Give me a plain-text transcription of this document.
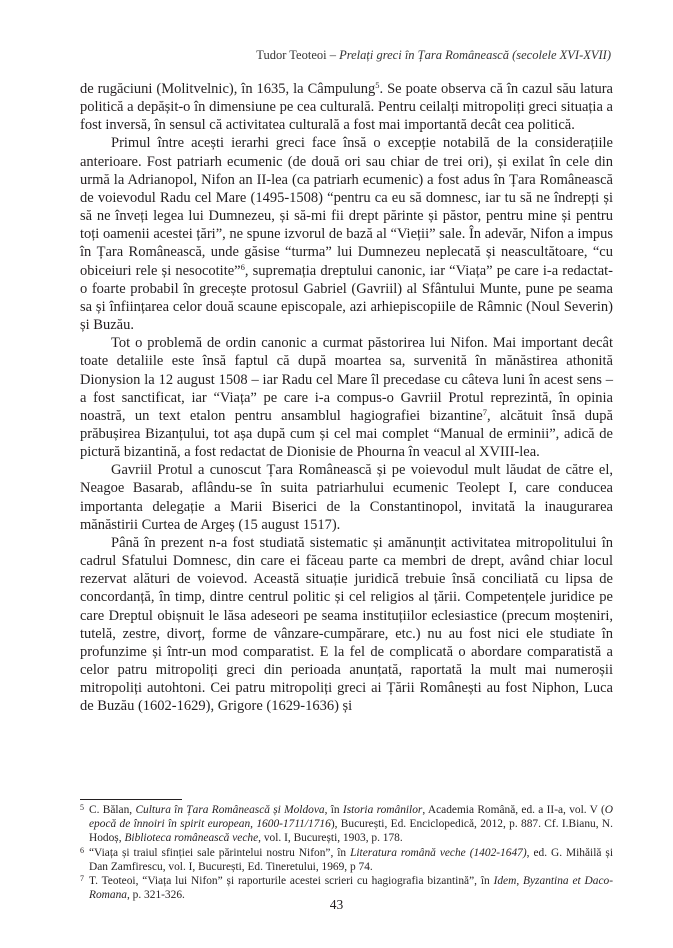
Tudor Teoteoi – Prelați greci în Țara Românească (secolele XVI-XVII)

de rugăciuni (Molitvelnic), în 1635, la Câmpulung$^5$. Se poate observa că în cazul său latura politică a depășit-o în dimensiune pe cea culturală. Pentru ceilalți mitropoliți greci situația a fost inversă, în sensul că activitatea culturală a fost mai importantă decât cea politică.

Primul între acești ierarhi greci face însă o excepție notabilă de la considerațiile anterioare. Fost patriarh ecumenic (de două ori sau chiar de trei ori), și exilat în cele din urmă la Adrianopol, Nifon an II-lea (ca patriarh ecumenic) a fost adus în Țara Românească de voievodul Radu cel Mare (1495-1508) “pentru ca eu să domnesc, iar tu să ne îndrepți și să ne înveți legea lui Dumnezeu, și să-mi fii drept părinte și păstor, pentru mine și pentru toți oamenii acestei țări”, ne spune izvorul de bază al “Vieții” sale. În adevăr, Nifon a impus în Țara Românească, unde găsise “turma” lui Dumnezeu neplecată și neascultătoare, “cu obiceiuri rele și nesocotite”$^6$, supremația dreptului canonic, iar “Viața” pe care i-a redactat-o foarte probabil în grecește protosul Gabriel (Gavriil) al Sfântului Munte, pune pe seama sa și înființarea celor două scaune episcopale, azi arhiepiscopiile de Râmnic (Noul Severin) și Buzău.

Tot o problemă de ordin canonic a curmat păstorirea lui Nifon. Mai important decât toate detaliile este însă faptul că după moartea sa, survenită în mănăstirea athonită Dionysion la 12 august 1508 – iar Radu cel Mare îl precedase cu câteva luni în acest sens – a fost sanctificat, iar “Viața” pe care i-a compus-o Gavriil Protul reprezintă, în opinia noastră, un text etalon pentru ansamblul hagiografiei bizantine$^7$, alcătuit însă după prăbușirea Bizanțului, tot așa după cum și cel mai complet “Manual de erminii”, adică de pictură bizantină, a fost redactat de Dionisie de Phourna în veacul al XVIII-lea.

Gavriil Protul a cunoscut Țara Românească și pe voievodul mult lăudat de către el, Neagoe Basarab, aflându-se în suita patriarhului ecumenic Teolept I, care conducea importanta delegație a Marii Biserici de la Constantinopol, invitată la inaugurarea mănăstirii Curtea de Argeș (15 august 1517).

Până în prezent n-a fost studiată sistematic și amănunțit activitatea mitropolitului în cadrul Sfatului Domnesc, din care ei făceau parte ca membri de drept, având chiar locul rezervat alături de voievod. Această situație juridică trebuie însă conciliată cu lipsa de concordanță, în timp, dintre centrul politic și cel religios al țării. Competențele juridice pe care Dreptul obișnuit le lăsa adeseori pe seama instituțiilor eclesiastice (precum moșteniri, tutelă, zestre, divorț, forme de vânzare-cumpărare, etc.) nu au fost nici ele studiate în profunzime și într-un mod comparatist. E la fel de complicată o abordare comparatistă a celor patru mitropoliți greci din perioada anunțată, raportată la mult mai numeroșii mitropoliți autohtoni. Cei patru mitropoliți greci ai Țării Românești au fost Niphon, Luca de Buzău (1602-1629), Grigore (1629-1636) și

5 C. Bălan, Cultura în Țara Românească și Moldova, în Istoria românilor, Academia Română, ed. a II-a, vol. V (O epocă de înnoiri în spirit european, 1600-1711/1716), București, Ed. Enciclopedică, 2012, p. 887. Cf. I.Bianu, N. Hodoș, Biblioteca românească veche, vol. I, București, 1903, p. 178.

6 “Viața și traiul sfinției sale părintelui nostru Nifon”, în Literatura română veche (1402-1647), ed. G. Mihăilă și Dan Zamfirescu, vol. I, București, Ed. Tineretului, 1969, p 74.

7 T. Teoteoi, “Viața lui Nifon” și raporturile acestei scrieri cu hagiografia bizantină”, în Idem, Byzantina et Daco-Romana, p. 321-326.

43
